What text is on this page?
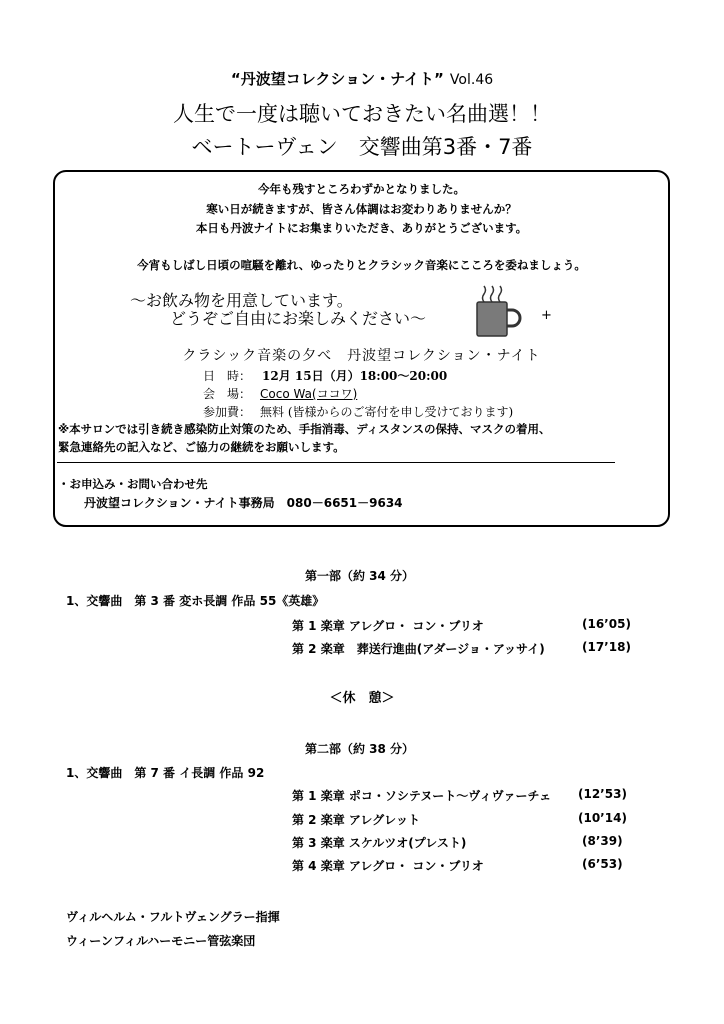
“丹波望コレクション・ナイト” Vol.46
人生で一度は聴いておきたい名曲選！！
ベートーヴェン　交響曲第3番・7番
今年も残すところわずかとなりました。
寒い日が続きますが、皆さん体調はお変わりありませんか？
本日も丹波ナイトにお集まりいただき、ありがとうございます。
今宵もしばし日頃の喧騒を離れ、ゆったりとクラシック音楽にこころを委ねましょう。
～お飲み物を用意しています。
どうぞご自由にお楽しみください～	+
クラシック音楽の夕べ　丹波望コレクション・ナイト
日　時： 12月 15日（月）18:00～20:00
会　場： Coco Wa(ココワ)
参加費： 無料 (皆様からのご寄付を申し受けております)
※本サロンでは引き続き感染防止対策のため、手指消毒、ディスタンスの保持、マスクの着用、
緊急連絡先の記入など、ご協力の継続をお願いします。
・お申込み・お問い合わせ先
丹波望コレクション・ナイト事務局　080－6651－9634
第一部（約 34 分）
1、交響曲　第 3 番 変ホ長調 作品 55《英雄》
第 1 楽章 アレグロ・ コン・ブリオ	(16’05)
第 2 楽章　葬送行進曲(アダージョ・アッサイ)	(17’18)
＜休　憩＞
第二部（約 38 分）
1、交響曲　第 7 番 イ長調 作品 92
第 1 楽章 ポコ・ソシテヌート～ヴィヴァーチェ (12’53)
第 2 楽章 アレグレット	(10’14)
第 3 楽章 スケルツオ(プレスト)	(8’39)
第 4 楽章 アレグロ・ コン・ブリオ	(6’53)
ヴィルヘルム・フルトヴェングラー指揮
ウィーンフィルハーモニー管弦楽団
